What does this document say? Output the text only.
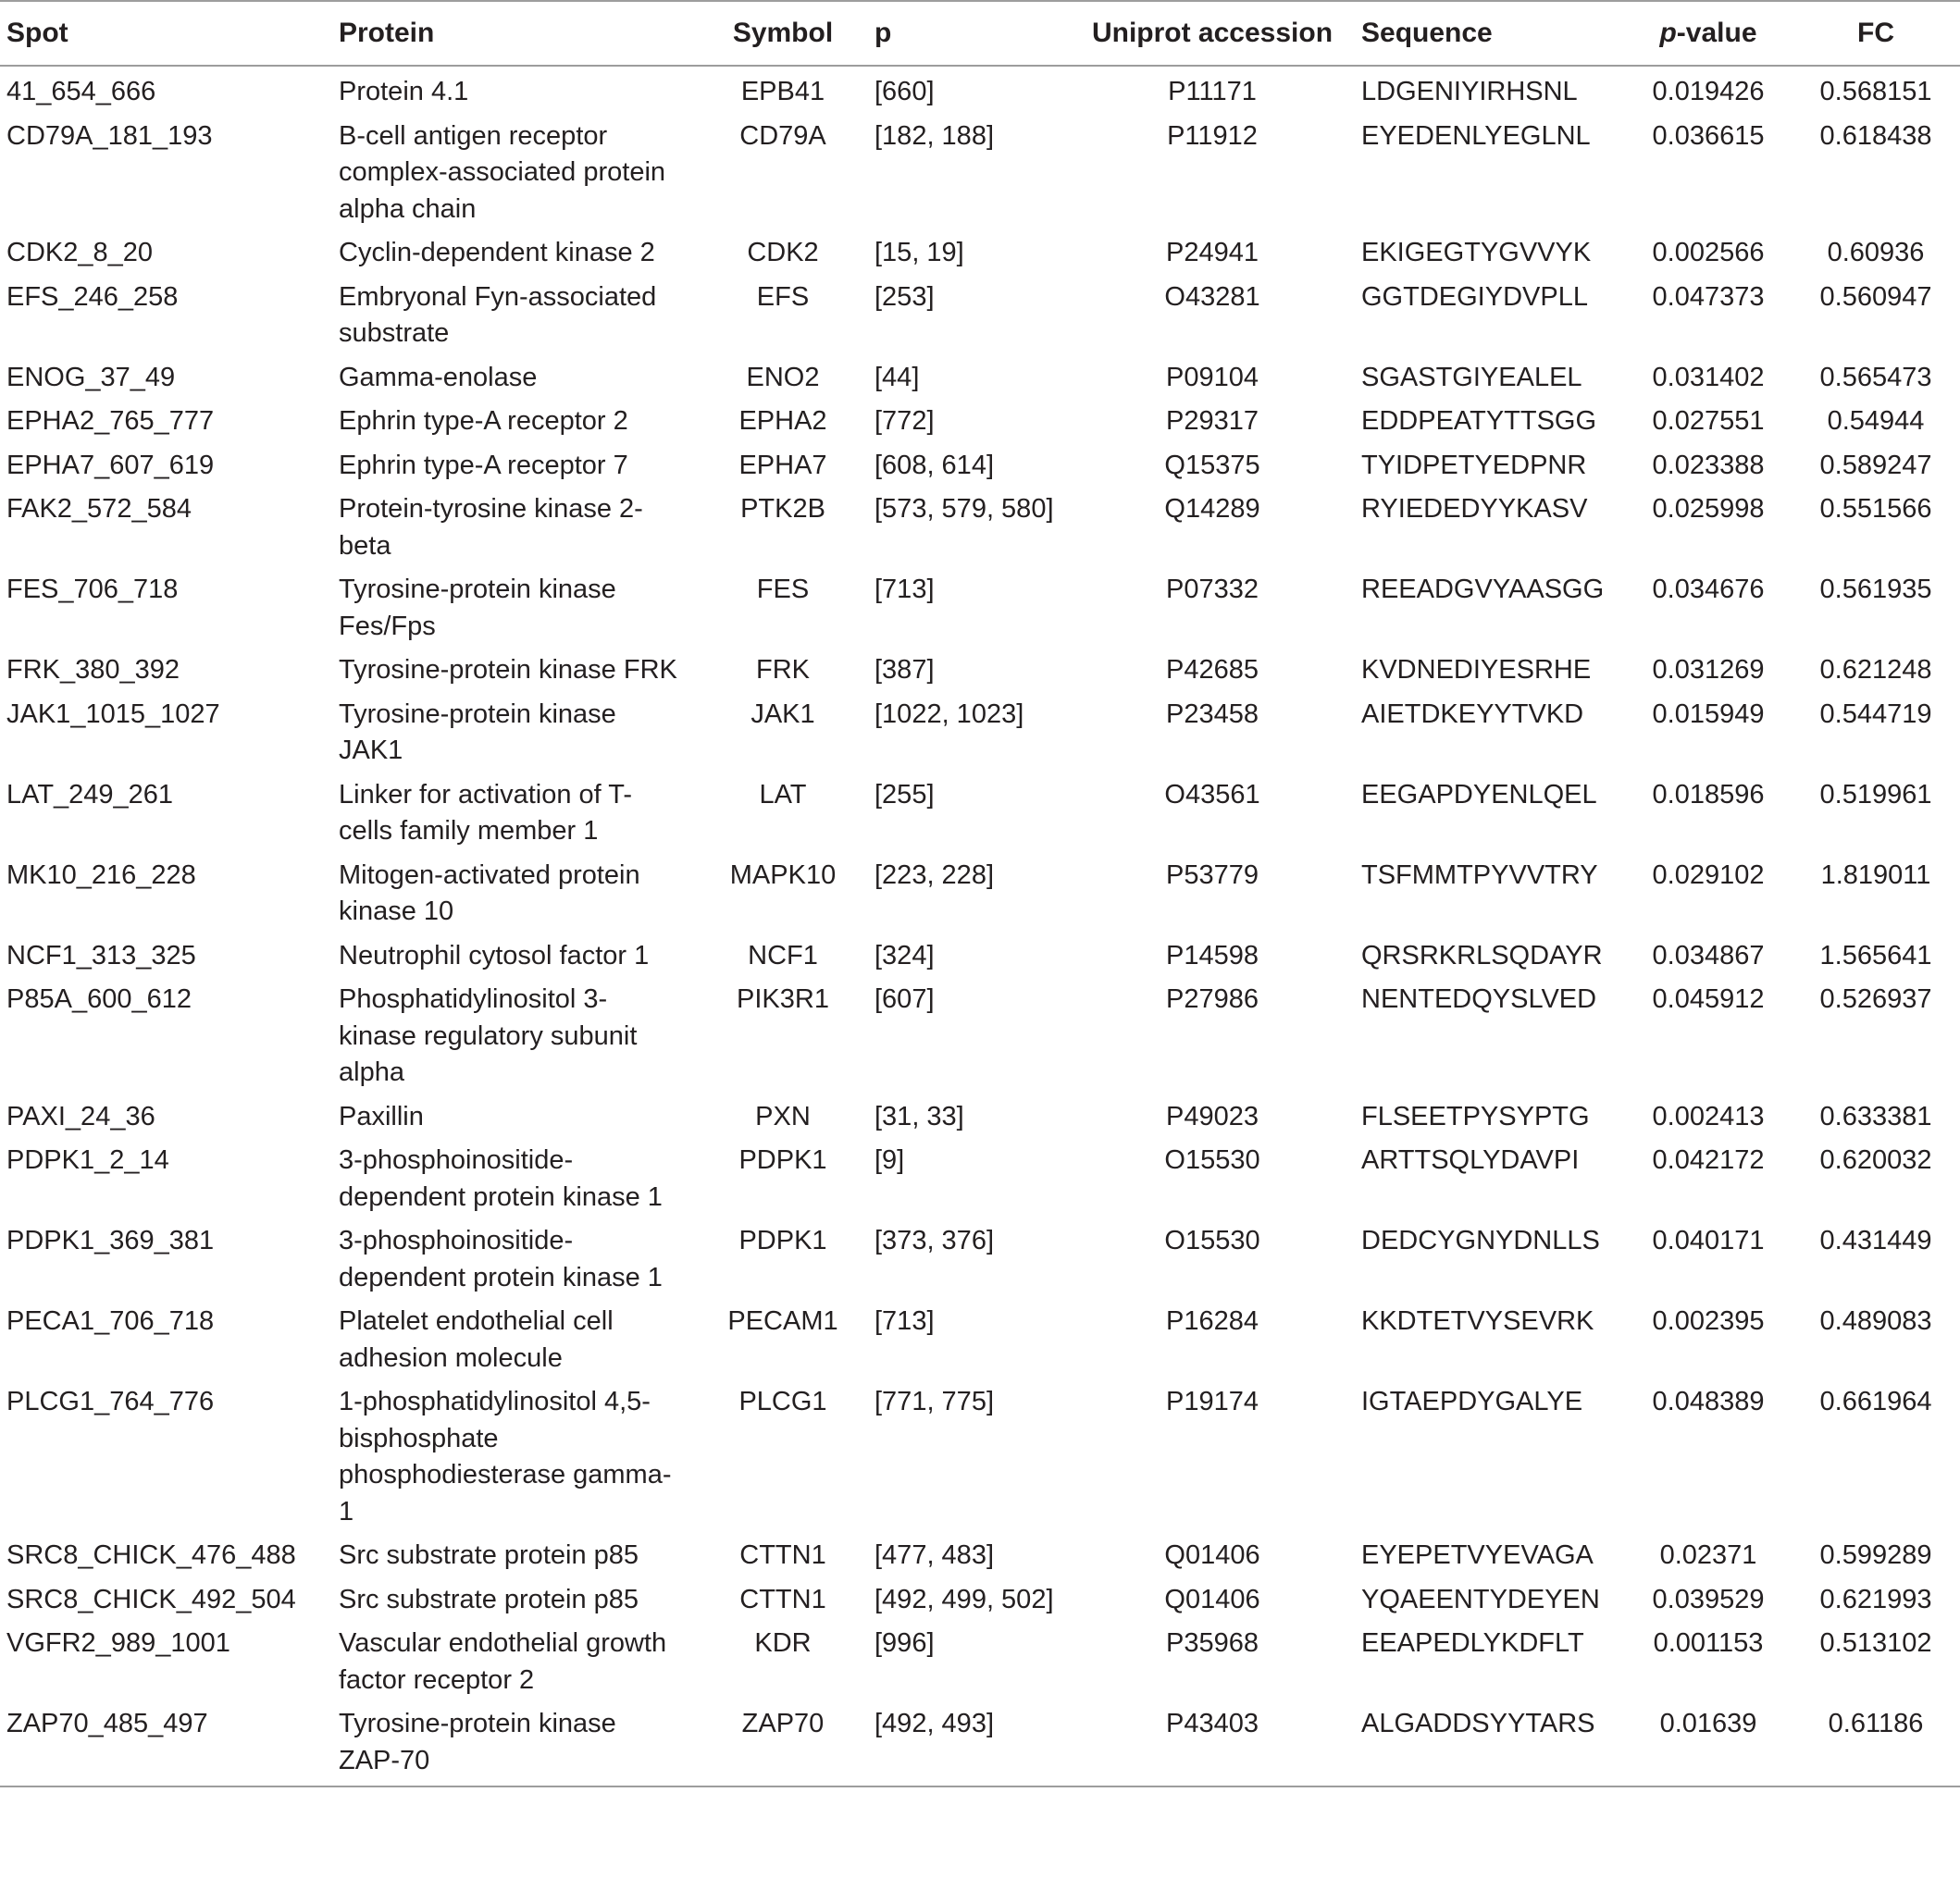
Spot	Protein	Symbol	p	Uniprot accession	Sequence	p-value	FC
41_654_666	Protein 4.1	EPB41	[660]	P11171	LDGENIYIRHSNL	0.019426	0.568151
CD79A_181_193	B-cell antigen receptor complex-associated protein alpha chain	CD79A	[182, 188]	P11912	EYEDENLYEGLNL	0.036615	0.618438
CDK2_8_20	Cyclin-dependent kinase 2	CDK2	[15, 19]	P24941	EKIGEGTYGVVYK	0.002566	0.60936
EFS_246_258	Embryonal Fyn-associated substrate	EFS	[253]	O43281	GGTDEGIYDVPLL	0.047373	0.560947
ENOG_37_49	Gamma-enolase	ENO2	[44]	P09104	SGASTGIYEALEL	0.031402	0.565473
EPHA2_765_777	Ephrin type-A receptor 2	EPHA2	[772]	P29317	EDDPEATYTTSGG	0.027551	0.54944
EPHA7_607_619	Ephrin type-A receptor 7	EPHA7	[608, 614]	Q15375	TYIDPETYEDPNR	0.023388	0.589247
FAK2_572_584	Protein-tyrosine kinase 2-beta	PTK2B	[573, 579, 580]	Q14289	RYIEDEDYYKASV	0.025998	0.551566
FES_706_718	Tyrosine-protein kinase Fes/Fps	FES	[713]	P07332	REEADGVYAASGG	0.034676	0.561935
FRK_380_392	Tyrosine-protein kinase FRK	FRK	[387]	P42685	KVDNEDIYESRHE	0.031269	0.621248
JAK1_1015_1027	Tyrosine-protein kinase JAK1	JAK1	[1022, 1023]	P23458	AIETDKEYYTVKD	0.015949	0.544719
LAT_249_261	Linker for activation of T-cells family member 1	LAT	[255]	O43561	EEGAPDYENLQEL	0.018596	0.519961
MK10_216_228	Mitogen-activated protein kinase 10	MAPK10	[223, 228]	P53779	TSFMMTPYVVTRY	0.029102	1.819011
NCF1_313_325	Neutrophil cytosol factor 1	NCF1	[324]	P14598	QRSRKRLSQDAYR	0.034867	1.565641
P85A_600_612	Phosphatidylinositol 3-kinase regulatory subunit alpha	PIK3R1	[607]	P27986	NENTEDQYSLVED	0.045912	0.526937
PAXI_24_36	Paxillin	PXN	[31, 33]	P49023	FLSEETPYSYPTG	0.002413	0.633381
PDPK1_2_14	3-phosphoinositide-dependent protein kinase 1	PDPK1	[9]	O15530	ARTTSQLYDAVPI	0.042172	0.620032
PDPK1_369_381	3-phosphoinositide-dependent protein kinase 1	PDPK1	[373, 376]	O15530	DEDCYGNYDNLLS	0.040171	0.431449
PECA1_706_718	Platelet endothelial cell adhesion molecule	PECAM1	[713]	P16284	KKDTETVYSEVRK	0.002395	0.489083
PLCG1_764_776	1-phosphatidylinositol 4,5-bisphosphate phosphodiesterase gamma-1	PLCG1	[771, 775]	P19174	IGTAEPDYGALYE	0.048389	0.661964
SRC8_CHICK_476_488	Src substrate protein p85	CTTN1	[477, 483]	Q01406	EYEPETVYEVAGA	0.02371	0.599289
SRC8_CHICK_492_504	Src substrate protein p85	CTTN1	[492, 499, 502]	Q01406	YQAEENTYDEYEN	0.039529	0.621993
VGFR2_989_1001	Vascular endothelial growth factor receptor 2	KDR	[996]	P35968	EEAPEDLYKDFLT	0.001153	0.513102
ZAP70_485_497	Tyrosine-protein kinase ZAP-70	ZAP70	[492, 493]	P43403	ALGADDSYYTARS	0.01639	0.61186
